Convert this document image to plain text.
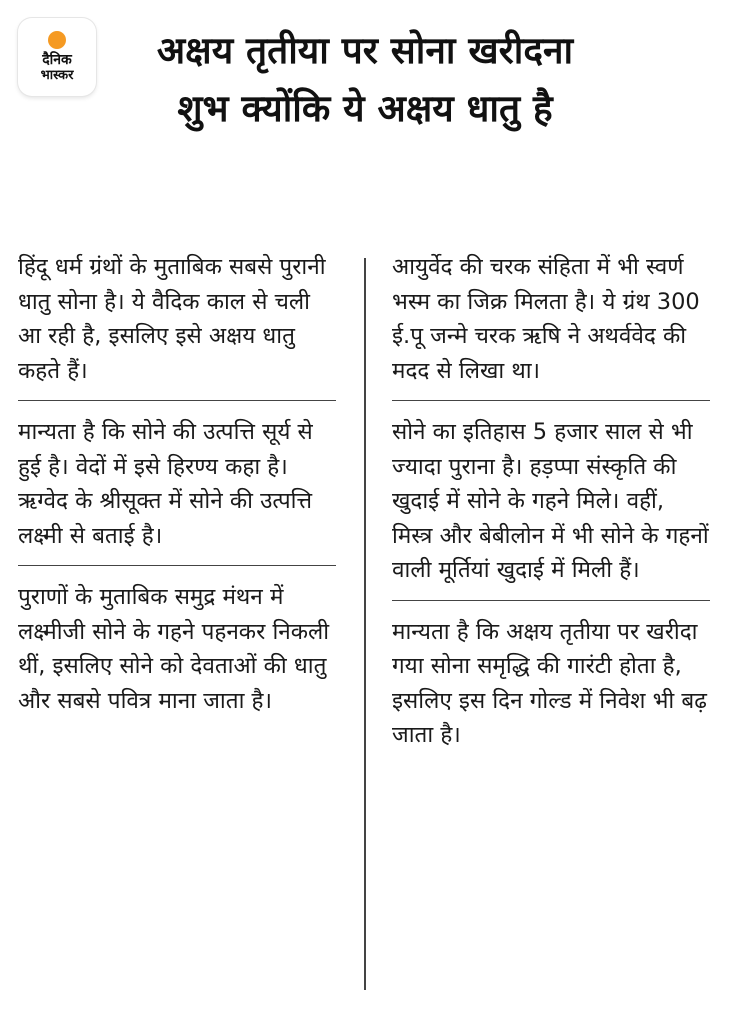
दैनिक
भास्कर
अक्षय तृतीया पर सोना खरीदना शुभ क्योंकि ये अक्षय धातु है
हिंदू धर्म ग्रंथों के मुताबिक सबसे पुरानी धातु सोना है। ये वैदिक काल से चली आ रही है, इसलिए इसे अक्षय धातु कहते हैं।
मान्यता है कि सोने की उत्पत्ति सूर्य से हुई है। वेदों में इसे हिरण्य कहा है। ऋग्वेद के श्रीसूक्त में सोने की उत्पत्ति लक्ष्मी से बताई है।
पुराणों के मुताबिक समुद्र मंथन में लक्ष्मीजी सोने के गहने पहनकर निकली थीं, इसलिए सोने को देवताओं की धातु और सबसे पवित्र माना जाता है।
आयुर्वेद की चरक संहिता में भी स्वर्ण भस्म का जिक्र मिलता है। ये ग्रंथ 300 ई.पू जन्मे चरक ऋषि ने अथर्ववेद की मदद से लिखा था।
सोने का इतिहास 5 हजार साल से भी ज्यादा पुराना है। हड़प्पा संस्कृति की खुदाई में सोने के गहने मिले। वहीं, मिस्त्र और बेबीलोन में भी सोने के गहनों वाली मूर्तियां खुदाई में मिली हैं।
मान्यता है कि अक्षय तृतीया पर खरीदा गया सोना समृद्धि की गारंटी होता है, इसलिए इस दिन गोल्ड में निवेश भी बढ़ जाता है।
